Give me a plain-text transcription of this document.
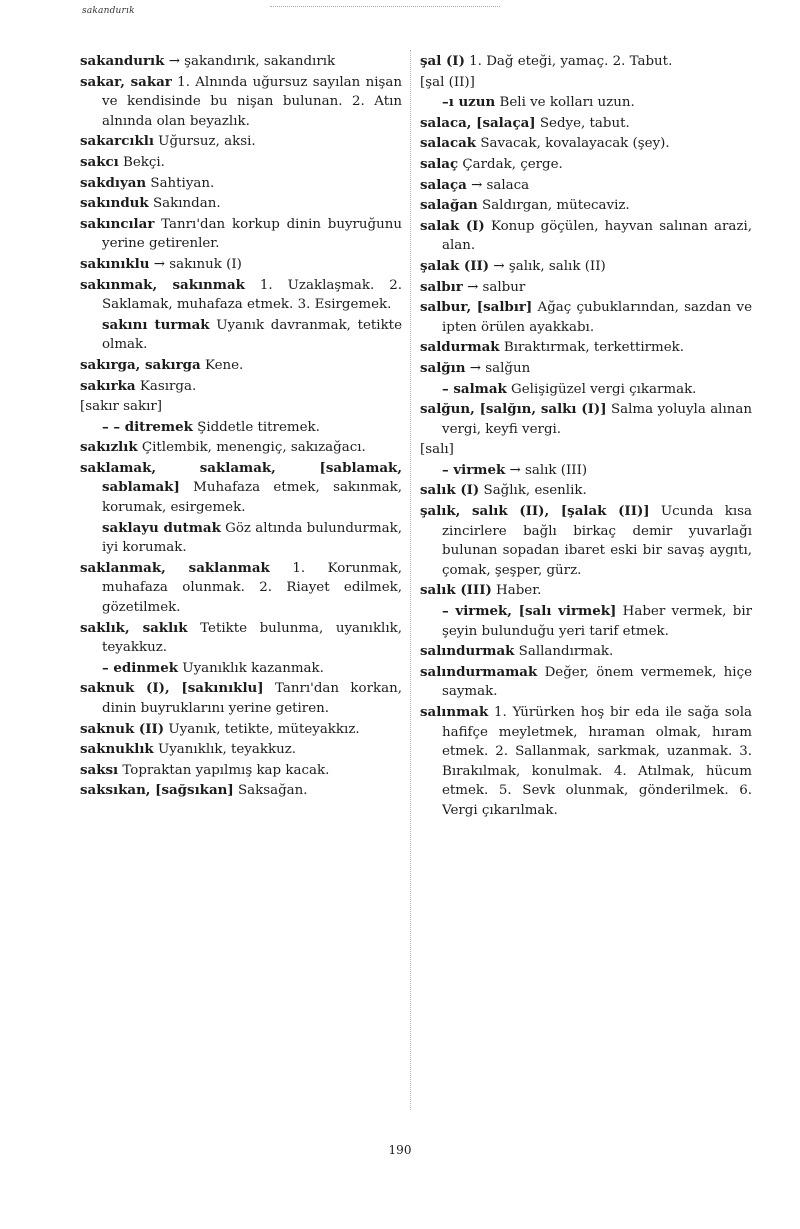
sakandurık

sakandurık → şakandırık, sakandırık

sakar, sakar 1. Alnında uğursuz sayılan nişan ve kendisinde bu nişan bulunan. 2. Atın alnında olan beyazlık.

sakarcıklı Uğursuz, aksi.

sakcı Bekçi.

sakdıyan Sahtiyan.

sakınduk Sakından.

sakıncılar Tanrı'dan korkup dinin buyruğunu yerine getirenler.

sakınıklu → sakınuk (I)

sakınmak, sakınmak 1. Uzaklaşmak. 2. Saklamak, muhafaza etmek. 3. Esirgemek.

sakını turmak Uyanık davranmak, tetikte olmak.

sakırga, sakırga Kene.

sakırka Kasırga.

[sakır sakır]

– – ditremek Şiddetle titremek.

sakızlık Çitlembik, menengiç, sakızağacı.

saklamak, saklamak, [sablamak, sablamak] Muhafaza etmek, sakınmak, korumak, esirgemek.

saklayu dutmak Göz altında bulundurmak, iyi korumak.

saklanmak, saklanmak 1. Korunmak, muhafaza olunmak. 2. Riayet edilmek, gözetilmek.

saklık, saklık Tetikte bulunma, uyanıklık, teyakkuz.

– edinmek Uyanıklık kazanmak.

saknuk (I), [sakınıklu] Tanrı'dan korkan, dinin buyruklarını yerine getiren.

saknuk (II) Uyanık, tetikte, müteyakkız.

saknuklık Uyanıklık, teyakkuz.

saksı Topraktan yapılmış kap kacak.

saksıkan, [sağsıkan] Saksağan.

şal (I) 1. Dağ eteği, yamaç. 2. Tabut.

[şal (II)]

–ı uzun Beli ve kolları uzun.

salaca, [salaça] Sedye, tabut.

salacak Savacak, kovalayacak (şey).

salaç Çardak, çerge.

salaça → salaca

salağan Saldırgan, mütecaviz.

salak (I) Konup göçülen, hayvan salınan arazi, alan.

şalak (II) → şalık, salık (II)

salbır → salbur

salbur, [salbır] Ağaç çubuklarından, sazdan ve ipten örülen ayakkabı.

saldurmak Bıraktırmak, terkettirmek.

salğın → salğun

– salmak Gelişigüzel vergi çıkarmak.

salğun, [salğın, salkı (I)] Salma yoluyla alınan vergi, keyfi vergi.

[salı]

– virmek → salık (III)

salık (I) Sağlık, esenlik.

şalık, salık (II), [şalak (II)] Ucunda kısa zincirlere bağlı birkaç demir yuvarlağı bulunan sopadan ibaret eski bir savaş aygıtı, çomak, şeşper, gürz.

salık (III) Haber.

– virmek, [salı virmek] Haber vermek, bir şeyin bulunduğu yeri tarif etmek.

salındurmak Sallandırmak.

salındurmamak Değer, önem vermemek, hiçe saymak.

salınmak 1. Yürürken hoş bir eda ile sağa sola hafifçe meyletmek, hıraman olmak, hıram etmek. 2. Sallanmak, sarkmak, uzanmak. 3. Bırakılmak, konulmak. 4. Atılmak, hücum etmek. 5. Sevk olunmak, gönderilmek. 6. Vergi çıkarılmak.

190
